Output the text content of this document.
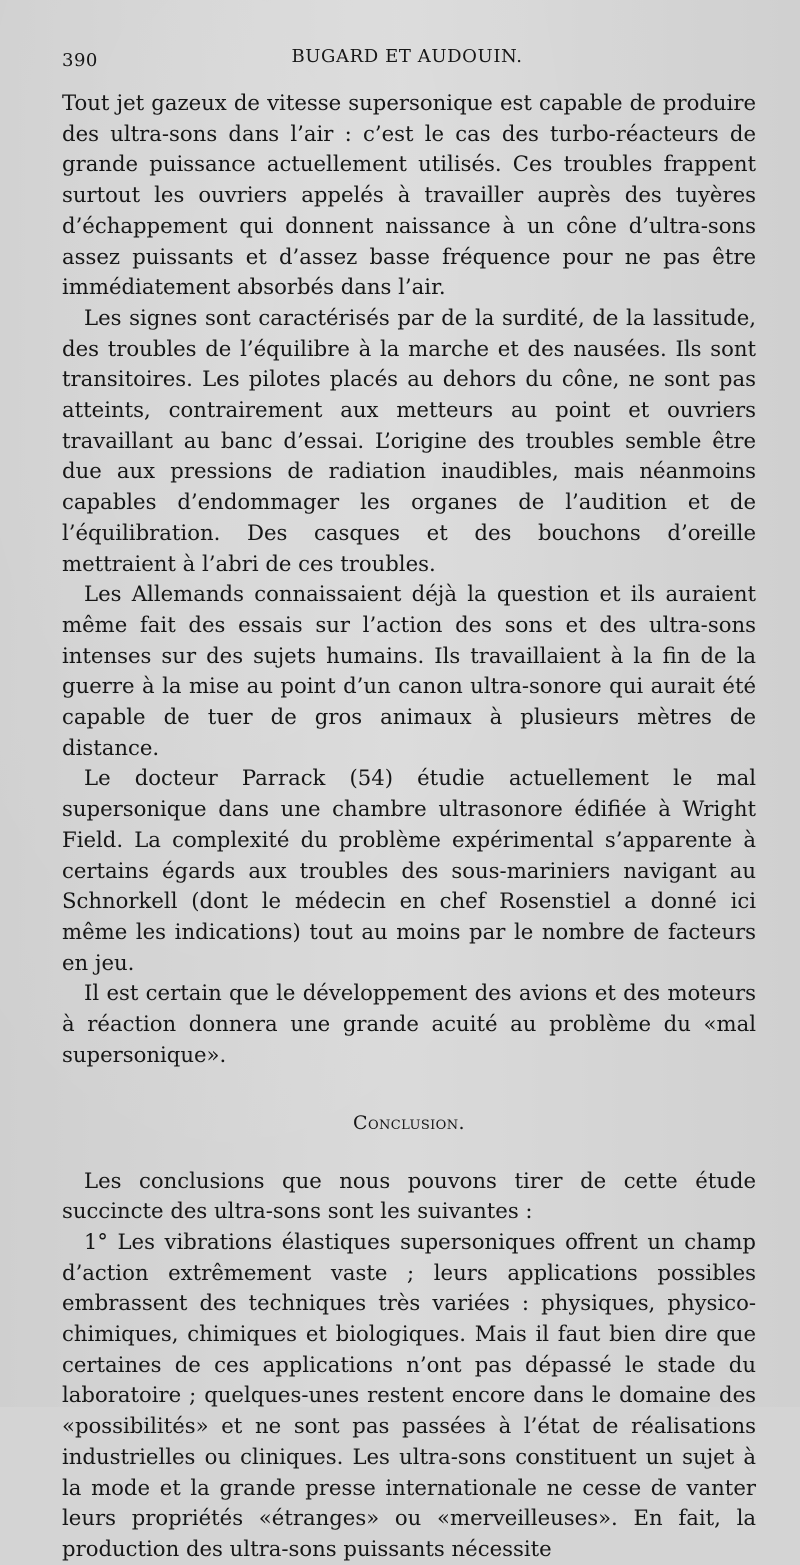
390	BUGARD ET AUDOUIN.

Tout jet gazeux de vitesse supersonique est capable de produire des ultra-sons dans l’air : c’est le cas des turbo-réacteurs de grande puissance actuellement utilisés. Ces troubles frappent surtout les ouvriers appelés à travailler auprès des tuyères d’échappement qui donnent naissance à un cône d’ultra-sons assez puissants et d’assez basse fréquence pour ne pas être immédiatement absorbés dans l’air.

Les signes sont caractérisés par de la surdité, de la lassitude, des troubles de l’équilibre à la marche et des nausées. Ils sont transitoires. Les pilotes placés au dehors du cône, ne sont pas atteints, contrairement aux metteurs au point et ouvriers travaillant au banc d’essai. L’origine des troubles semble être due aux pressions de radiation inaudibles, mais néanmoins capables d’endommager les organes de l’audition et de l’équilibration. Des casques et des bouchons d’oreille mettraient à l’abri de ces troubles.

Les Allemands connaissaient déjà la question et ils auraient même fait des essais sur l’action des sons et des ultra-sons intenses sur des sujets humains. Ils travaillaient à la fin de la guerre à la mise au point d’un canon ultra-sonore qui aurait été capable de tuer de gros animaux à plusieurs mètres de distance.

Le docteur Parrack (54) étudie actuellement le mal supersonique dans une chambre ultrasonore édifiée à Wright Field. La complexité du problème expérimental s’apparente à certains égards aux troubles des sous-mariniers navigant au Schnorkell (dont le médecin en chef Rosenstiel a donné ici même les indications) tout au moins par le nombre de facteurs en jeu.

Il est certain que le développement des avions et des moteurs à réaction donnera une grande acuité au problème du «mal supersonique».

Conclusion.

Les conclusions que nous pouvons tirer de cette étude succincte des ultra-sons sont les suivantes :

1° Les vibrations élastiques supersoniques offrent un champ d’action extrêmement vaste ; leurs applications possibles embrassent des techniques très variées : physiques, physico-chimiques, chimiques et biologiques. Mais il faut bien dire que certaines de ces applications n’ont pas dépassé le stade du laboratoire ; quelques-unes restent encore dans le domaine des «possibilités» et ne sont pas passées à l’état de réalisations industrielles ou cliniques. Les ultra-sons constituent un sujet à la mode et la grande presse internationale ne cesse de vanter leurs propriétés «étranges» ou «merveilleuses». En fait, la production des ultra-sons puissants nécessite
